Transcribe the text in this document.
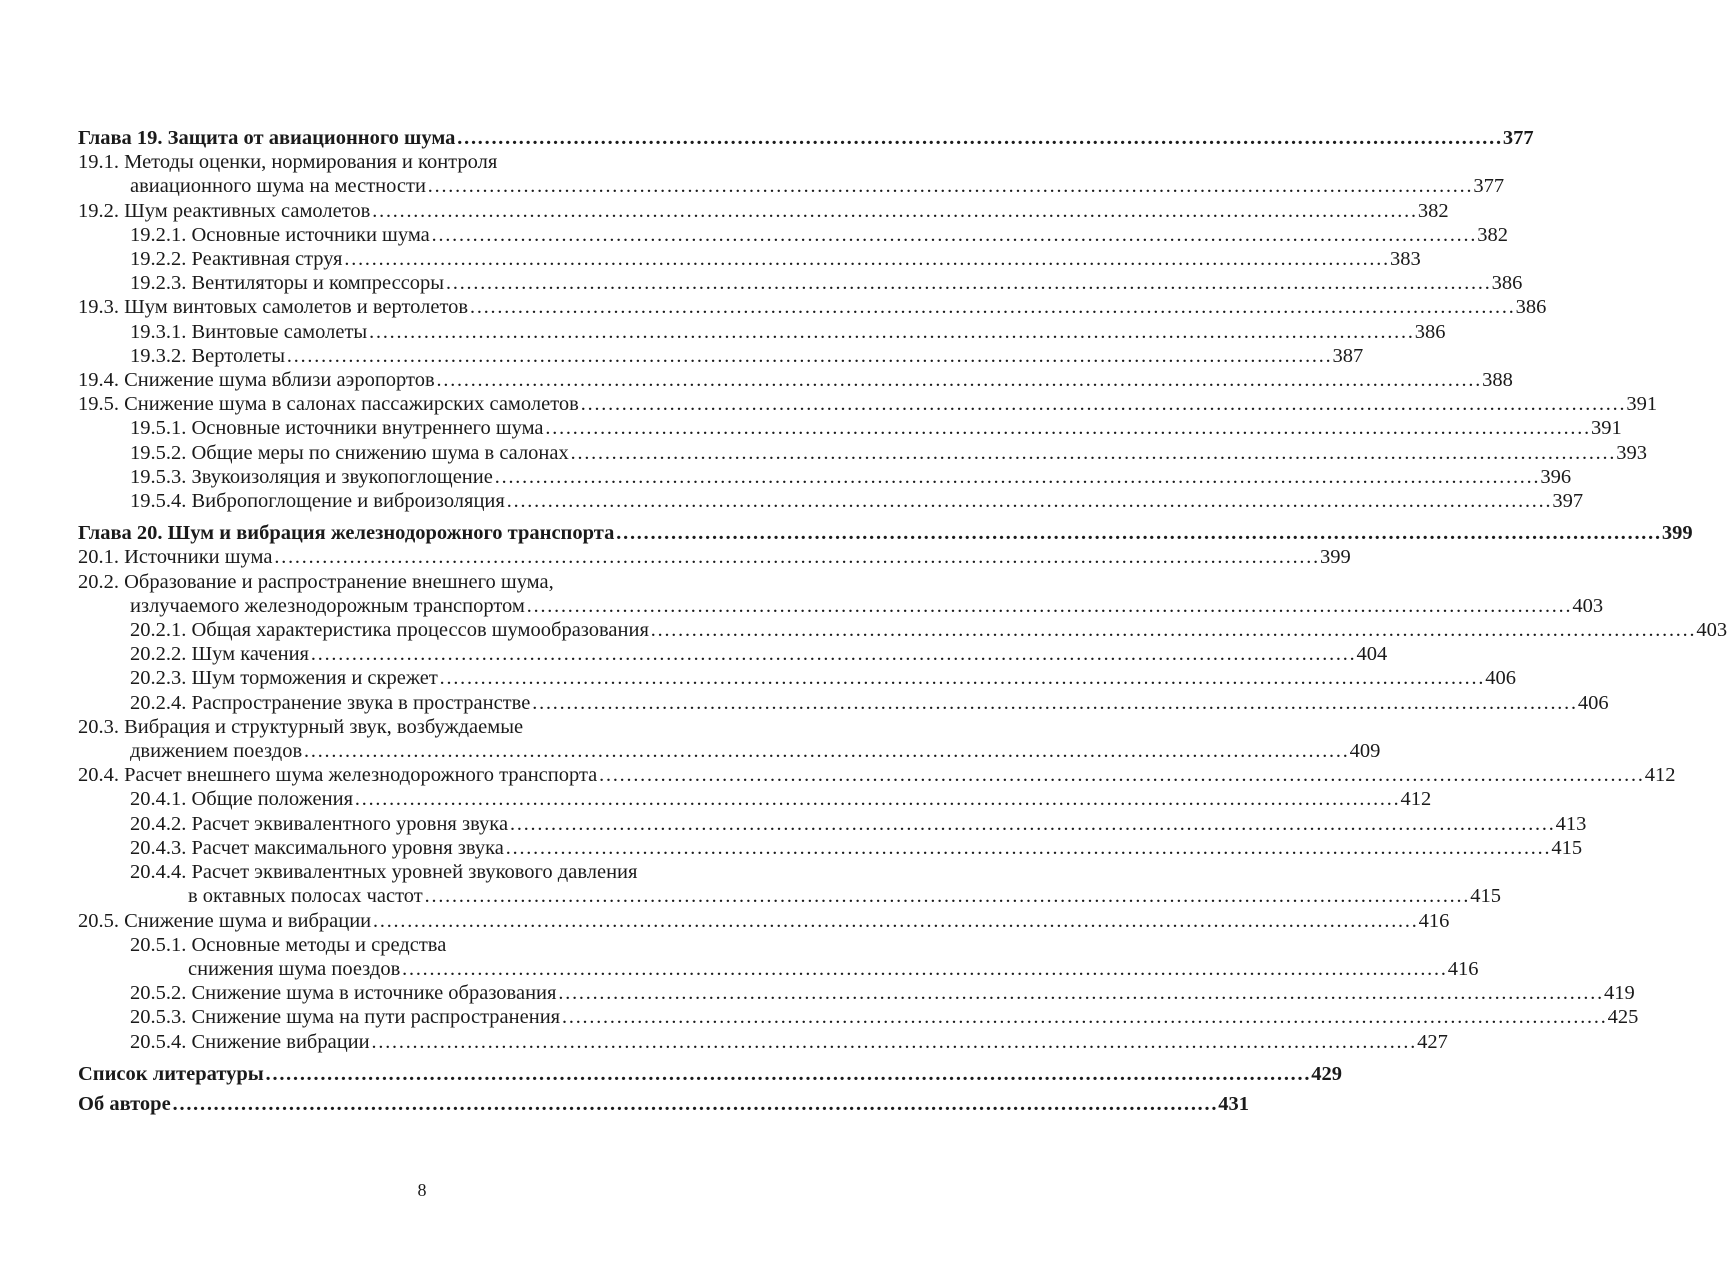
Глава 19. Защита от авиационного шума ……………………………………………………………………………………………………………………………………… 377
19.1. Методы оценки, нормирования и контроля
авиационного шума на местности ……………………………………………………………………………………………………………………………………… 377
19.2. Шум реактивных самолетов ……………………………………………………………………………………………………………………………………… 382
19.2.1. Основные источники шума ……………………………………………………………………………………………………………………………………… 382
19.2.2. Реактивная струя ……………………………………………………………………………………………………………………………………… 383
19.2.3. Вентиляторы и компрессоры ……………………………………………………………………………………………………………………………………… 386
19.3. Шум винтовых самолетов и вертолетов ……………………………………………………………………………………………………………………………………… 386
19.3.1. Винтовые самолеты ……………………………………………………………………………………………………………………………………… 386
19.3.2. Вертолеты ……………………………………………………………………………………………………………………………………… 387
19.4. Снижение шума вблизи аэропортов ……………………………………………………………………………………………………………………………………… 388
19.5. Снижение шума в салонах пассажирских самолетов ……………………………………………………………………………………………………………………………………… 391
19.5.1. Основные источники внутреннего шума ……………………………………………………………………………………………………………………………………… 391
19.5.2. Общие меры по снижению шума в салонах ……………………………………………………………………………………………………………………………………… 393
19.5.3. Звукоизоляция и звукопоглощение ……………………………………………………………………………………………………………………………………… 396
19.5.4. Вибропоглощение и виброизоляция ……………………………………………………………………………………………………………………………………… 397
Глава 20. Шум и вибрация железнодорожного транспорта ……………………………………………………………………………………………………………………………………… 399
20.1. Источники шума ……………………………………………………………………………………………………………………………………… 399
20.2. Образование и распространение внешнего шума,
излучаемого железнодорожным транспортом ……………………………………………………………………………………………………………………………………… 403
20.2.1. Общая характеристика процессов шумообразования ……………………………………………………………………………………………………………………………………… 403
20.2.2. Шум качения ……………………………………………………………………………………………………………………………………… 404
20.2.3. Шум торможения и скрежет ……………………………………………………………………………………………………………………………………… 406
20.2.4. Распространение звука в пространстве ……………………………………………………………………………………………………………………………………… 406
20.3. Вибрация и структурный звук, возбуждаемые
движением поездов ……………………………………………………………………………………………………………………………………… 409
20.4. Расчет внешнего шума железнодорожного транспорта ……………………………………………………………………………………………………………………………………… 412
20.4.1. Общие положения ……………………………………………………………………………………………………………………………………… 412
20.4.2. Расчет эквивалентного уровня звука ……………………………………………………………………………………………………………………………………… 413
20.4.3. Расчет максимального уровня звука ……………………………………………………………………………………………………………………………………… 415
20.4.4. Расчет эквивалентных уровней звукового давления
в октавных полосах частот ……………………………………………………………………………………………………………………………………… 415
20.5. Снижение шума и вибрации ……………………………………………………………………………………………………………………………………… 416
20.5.1. Основные методы и средства
снижения шума поездов ……………………………………………………………………………………………………………………………………… 416
20.5.2. Снижение шума в источнике образования ……………………………………………………………………………………………………………………………………… 419
20.5.3. Снижение шума на пути распространения ……………………………………………………………………………………………………………………………………… 425
20.5.4. Снижение вибрации ……………………………………………………………………………………………………………………………………… 427
Список литературы ……………………………………………………………………………………………………………………………………… 429
Об авторе ……………………………………………………………………………………………………………………………………… 431
8
